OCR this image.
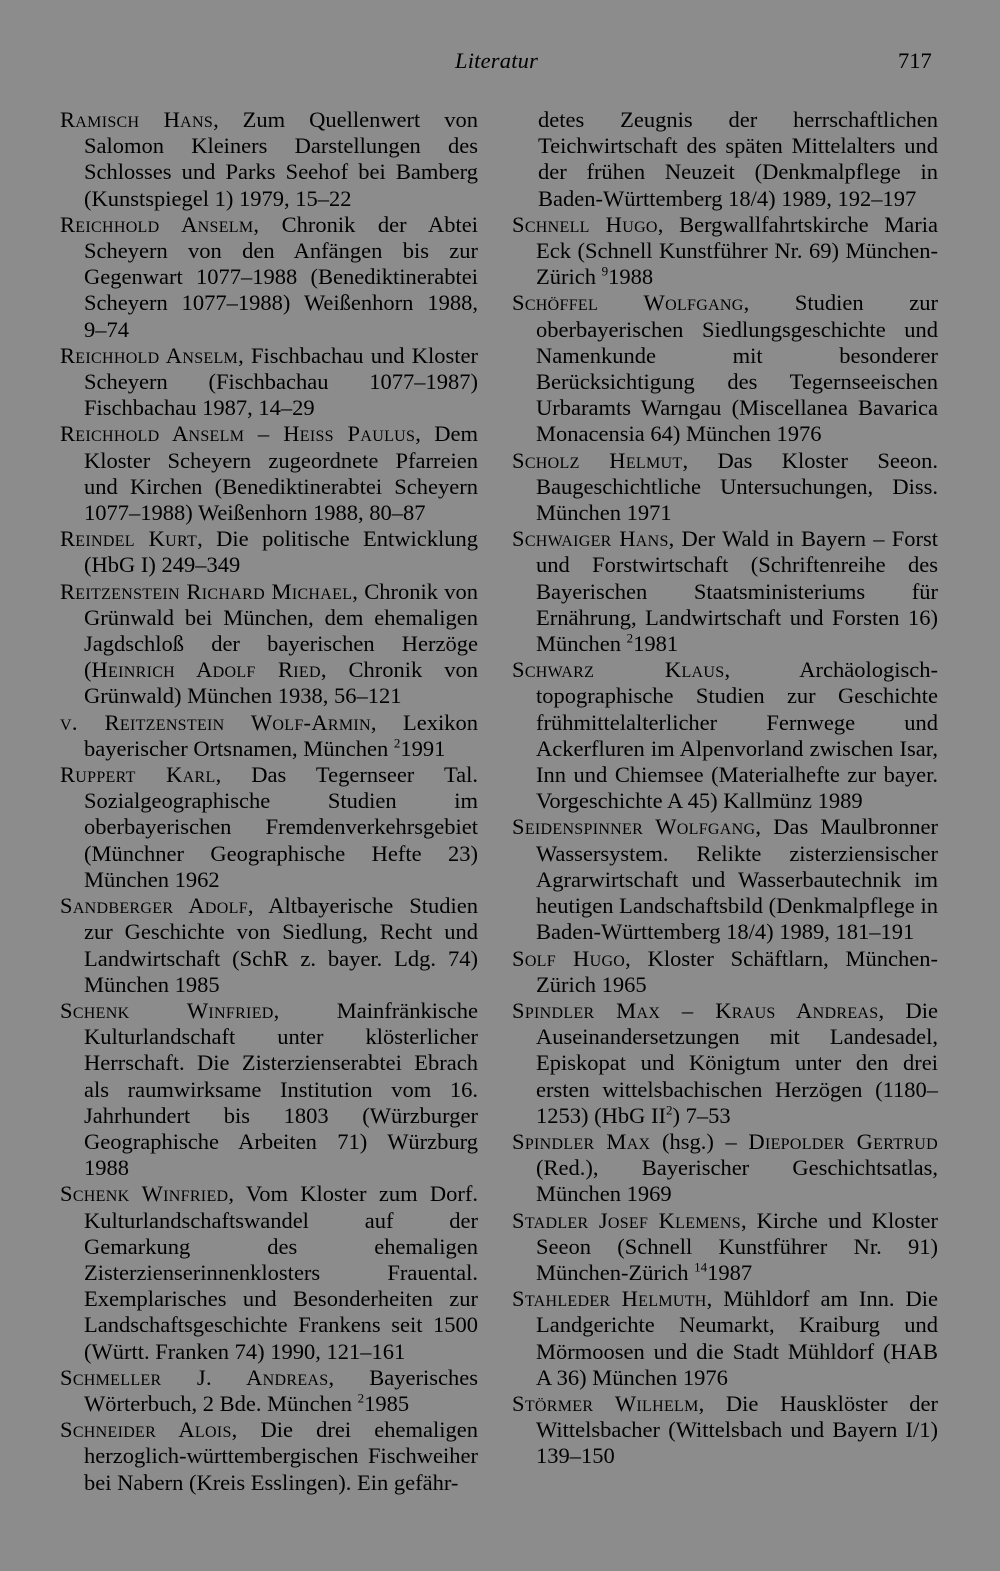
Literatur	717

Ramisch Hans, Zum Quellenwert von Salomon Kleiners Darstellungen des Schlosses und Parks Seehof bei Bamberg (Kunstspiegel 1) 1979, 15–22

Reichhold Anselm, Chronik der Abtei Scheyern von den Anfängen bis zur Gegenwart 1077–1988 (Benediktinerabtei Scheyern 1077–1988) Weißenhorn 1988, 9–74

Reichhold Anselm, Fischbachau und Kloster Scheyern (Fischbachau 1077–1987) Fischbachau 1987, 14–29

Reichhold Anselm – Heiss Paulus, Dem Kloster Scheyern zugeordnete Pfarreien und Kirchen (Benediktinerabtei Scheyern 1077–1988) Weißenhorn 1988, 80–87

Reindel Kurt, Die politische Entwicklung (HbG I) 249–349

Reitzenstein Richard Michael, Chronik von Grünwald bei München, dem ehemaligen Jagdschloß der bayerischen Herzöge (Heinrich Adolf Ried, Chronik von Grünwald) München 1938, 56–121

v. Reitzenstein Wolf-Armin, Lexikon bayerischer Ortsnamen, München $^2$1991

Ruppert Karl, Das Tegernseer Tal. Sozialgeographische Studien im oberbayerischen Fremdenverkehrsgebiet (Münchner Geographische Hefte 23) München 1962

Sandberger Adolf, Altbayerische Studien zur Geschichte von Siedlung, Recht und Landwirtschaft (SchR z. bayer. Ldg. 74) München 1985

Schenk Winfried, Mainfränkische Kulturlandschaft unter klösterlicher Herrschaft. Die Zisterzienserabtei Ebrach als raumwirksame Institution vom 16. Jahrhundert bis 1803 (Würzburger Geographische Arbeiten 71) Würzburg 1988

Schenk Winfried, Vom Kloster zum Dorf. Kulturlandschaftswandel auf der Gemarkung des ehemaligen Zisterzienserinnenklosters Frauental. Exemplarisches und Besonderheiten zur Landschaftsgeschichte Frankens seit 1500 (Württ. Franken 74) 1990, 121–161

Schmeller J. Andreas, Bayerisches Wörterbuch, 2 Bde. München $^2$1985

Schneider Alois, Die drei ehemaligen herzoglich-württembergischen Fischweiher bei Nabern (Kreis Esslingen). Ein gefähr-

detes Zeugnis der herrschaftlichen Teichwirtschaft des späten Mittelalters und der frühen Neuzeit (Denkmalpflege in Baden-Württemberg 18/4) 1989, 192–197

Schnell Hugo, Bergwallfahrtskirche Maria Eck (Schnell Kunstführer Nr. 69) München-Zürich $^9$1988

Schöffel Wolfgang, Studien zur oberbayerischen Siedlungsgeschichte und Namenkunde mit besonderer Berücksichtigung des Tegernseeischen Urbaramts Warngau (Miscellanea Bavarica Monacensia 64) München 1976

Scholz Helmut, Das Kloster Seeon. Baugeschichtliche Untersuchungen, Diss. München 1971

Schwaiger Hans, Der Wald in Bayern – Forst und Forstwirtschaft (Schriftenreihe des Bayerischen Staatsministeriums für Ernährung, Landwirtschaft und Forsten 16) München $^2$1981

Schwarz Klaus, Archäologisch-topographische Studien zur Geschichte frühmittelalterlicher Fernwege und Ackerfluren im Alpenvorland zwischen Isar, Inn und Chiemsee (Materialhefte zur bayer. Vorgeschichte A 45) Kallmünz 1989

Seidenspinner Wolfgang, Das Maulbronner Wassersystem. Relikte zisterziensischer Agrarwirtschaft und Wasserbautechnik im heutigen Landschaftsbild (Denkmalpflege in Baden-Württemberg 18/4) 1989, 181–191

Solf Hugo, Kloster Schäftlarn, München-Zürich 1965

Spindler Max – Kraus Andreas, Die Auseinandersetzungen mit Landesadel, Episkopat und Königtum unter den drei ersten wittelsbachischen Herzögen (1180–1253) (HbG $II^2$) 7–53

Spindler Max (hsg.) – Diepolder Gertrud (Red.), Bayerischer Geschichtsatlas, München 1969

Stadler Josef Klemens, Kirche und Kloster Seeon (Schnell Kunstführer Nr. 91) München-Zürich $^{14}$1987

Stahleder Helmuth, Mühldorf am Inn. Die Landgerichte Neumarkt, Kraiburg und Mörmoosen und die Stadt Mühldorf (HAB A 36) München 1976

Störmer Wilhelm, Die Hausklöster der Wittelsbacher (Wittelsbach und Bayern I/1) 139–150
